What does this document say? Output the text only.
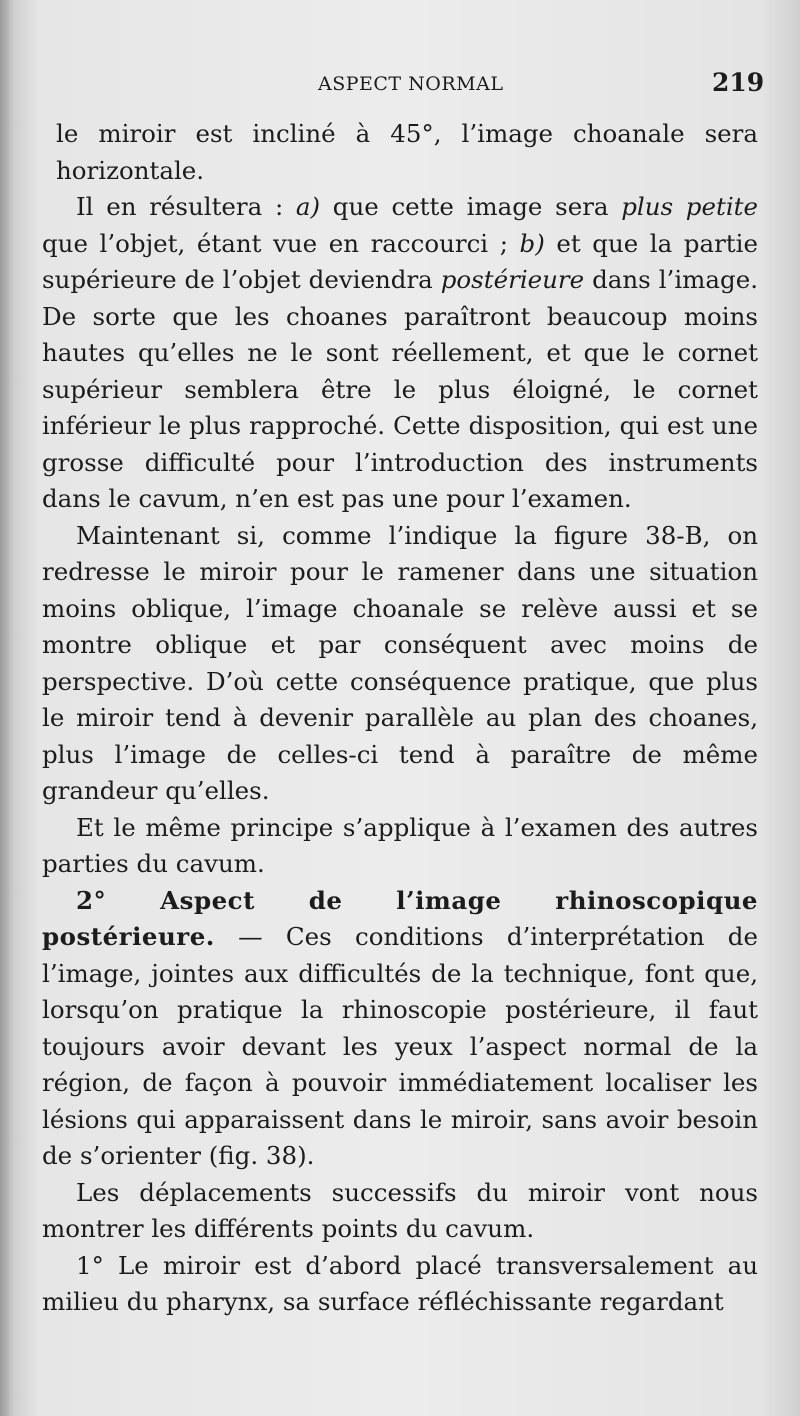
ASPECT NORMAL	219

le miroir est incliné à 45°, l’image choanale sera horizontale.

Il en résultera : a) que cette image sera plus petite que l’objet, étant vue en raccourci ; b) et que la partie supérieure de l’objet deviendra postérieure dans l’image. De sorte que les choanes paraîtront beaucoup moins hautes qu’elles ne le sont réellement, et que le cornet supérieur semblera être le plus éloigné, le cornet inférieur le plus rapproché. Cette disposition, qui est une grosse difficulté pour l’introduction des instruments dans le cavum, n’en est pas une pour l’examen.

Maintenant si, comme l’indique la figure 38-B, on redresse le miroir pour le ramener dans une situation moins oblique, l’image choanale se relève aussi et se montre oblique et par conséquent avec moins de perspective. D’où cette conséquence pratique, que plus le miroir tend à devenir parallèle au plan des choanes, plus l’image de celles-ci tend à paraître de même grandeur qu’elles.

Et le même principe s’applique à l’examen des autres parties du cavum.

2° Aspect de l’image rhinoscopique postérieure. — Ces conditions d’interprétation de l’image, jointes aux difficultés de la technique, font que, lorsqu’on pratique la rhinoscopie postérieure, il faut toujours avoir devant les yeux l’aspect normal de la région, de façon à pouvoir immédiatement localiser les lésions qui apparaissent dans le miroir, sans avoir besoin de s’orienter (fig. 38).

Les déplacements successifs du miroir vont nous montrer les différents points du cavum.

1° Le miroir est d’abord placé transversalement au milieu du pharynx, sa surface réfléchissante regardant
